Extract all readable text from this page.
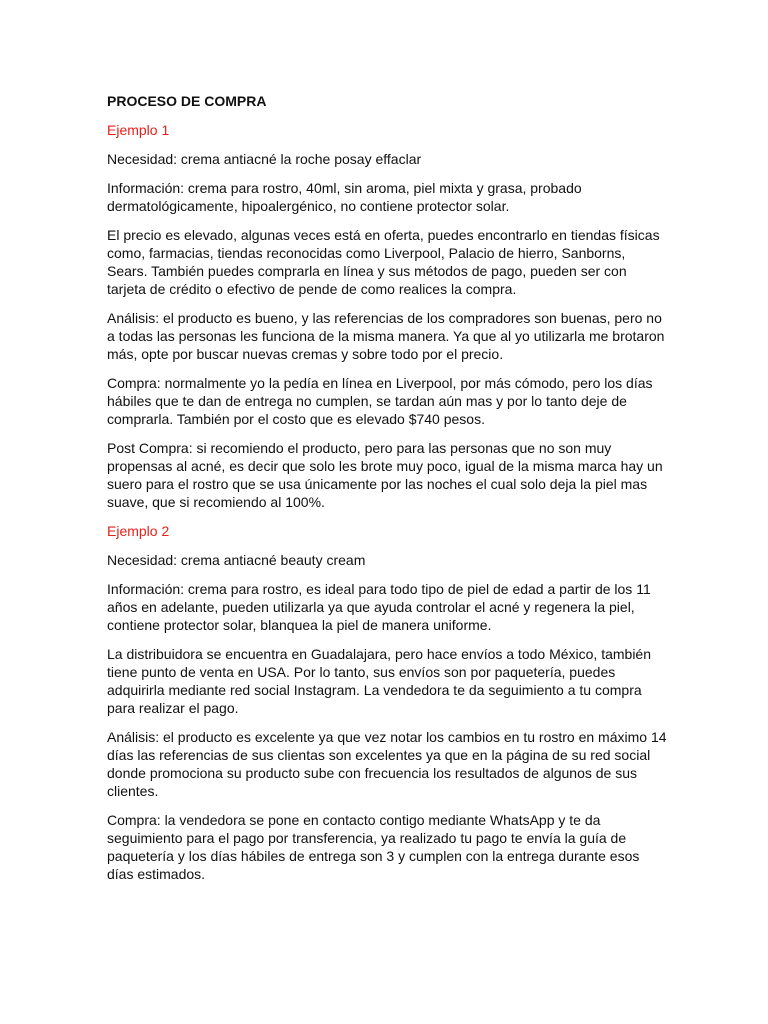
PROCESO DE COMPRA
Ejemplo 1
Necesidad: crema antiacné la roche posay effaclar
Información: crema para rostro, 40ml, sin aroma, piel mixta y grasa, probado
dermatológicamente, hipoalergénico, no contiene protector solar.
El precio es elevado, algunas veces está en oferta, puedes encontrarlo en tiendas físicas
como, farmacias, tiendas reconocidas como Liverpool, Palacio de hierro, Sanborns,
Sears. También puedes comprarla en línea y sus métodos de pago, pueden ser con
tarjeta de crédito o efectivo de pende de como realices la compra.
Análisis: el producto es bueno, y las referencias de los compradores son buenas, pero no
a todas las personas les funciona de la misma manera. Ya que al yo utilizarla me brotaron
más, opte por buscar nuevas cremas y sobre todo por el precio.
Compra: normalmente yo la pedía en línea en Liverpool, por más cómodo, pero los días
hábiles que te dan de entrega no cumplen, se tardan aún mas y por lo tanto deje de
comprarla. También por el costo que es elevado $740 pesos.
Post Compra: si recomiendo el producto, pero para las personas que no son muy
propensas al acné, es decir que solo les brote muy poco, igual de la misma marca hay un
suero para el rostro que se usa únicamente por las noches el cual solo deja la piel mas
suave, que si recomiendo al 100%.
Ejemplo 2
Necesidad: crema antiacné beauty cream
Información: crema para rostro, es ideal para todo tipo de piel de edad a partir de los 11
años en adelante, pueden utilizarla ya que ayuda controlar el acné y regenera la piel,
contiene protector solar, blanquea la piel de manera uniforme.
La distribuidora se encuentra en Guadalajara, pero hace envíos a todo México, también
tiene punto de venta en USA. Por lo tanto, sus envíos son por paquetería, puedes
adquirirla mediante red social Instagram. La vendedora te da seguimiento a tu compra
para realizar el pago.
Análisis: el producto es excelente ya que vez notar los cambios en tu rostro en máximo 14
días las referencias de sus clientas son excelentes ya que en la página de su red social
donde promociona su producto sube con frecuencia los resultados de algunos de sus
clientes.
Compra: la vendedora se pone en contacto contigo mediante WhatsApp y te da
seguimiento para el pago por transferencia, ya realizado tu pago te envía la guía de
paquetería y los días hábiles de entrega son 3 y cumplen con la entrega durante esos
días estimados.
